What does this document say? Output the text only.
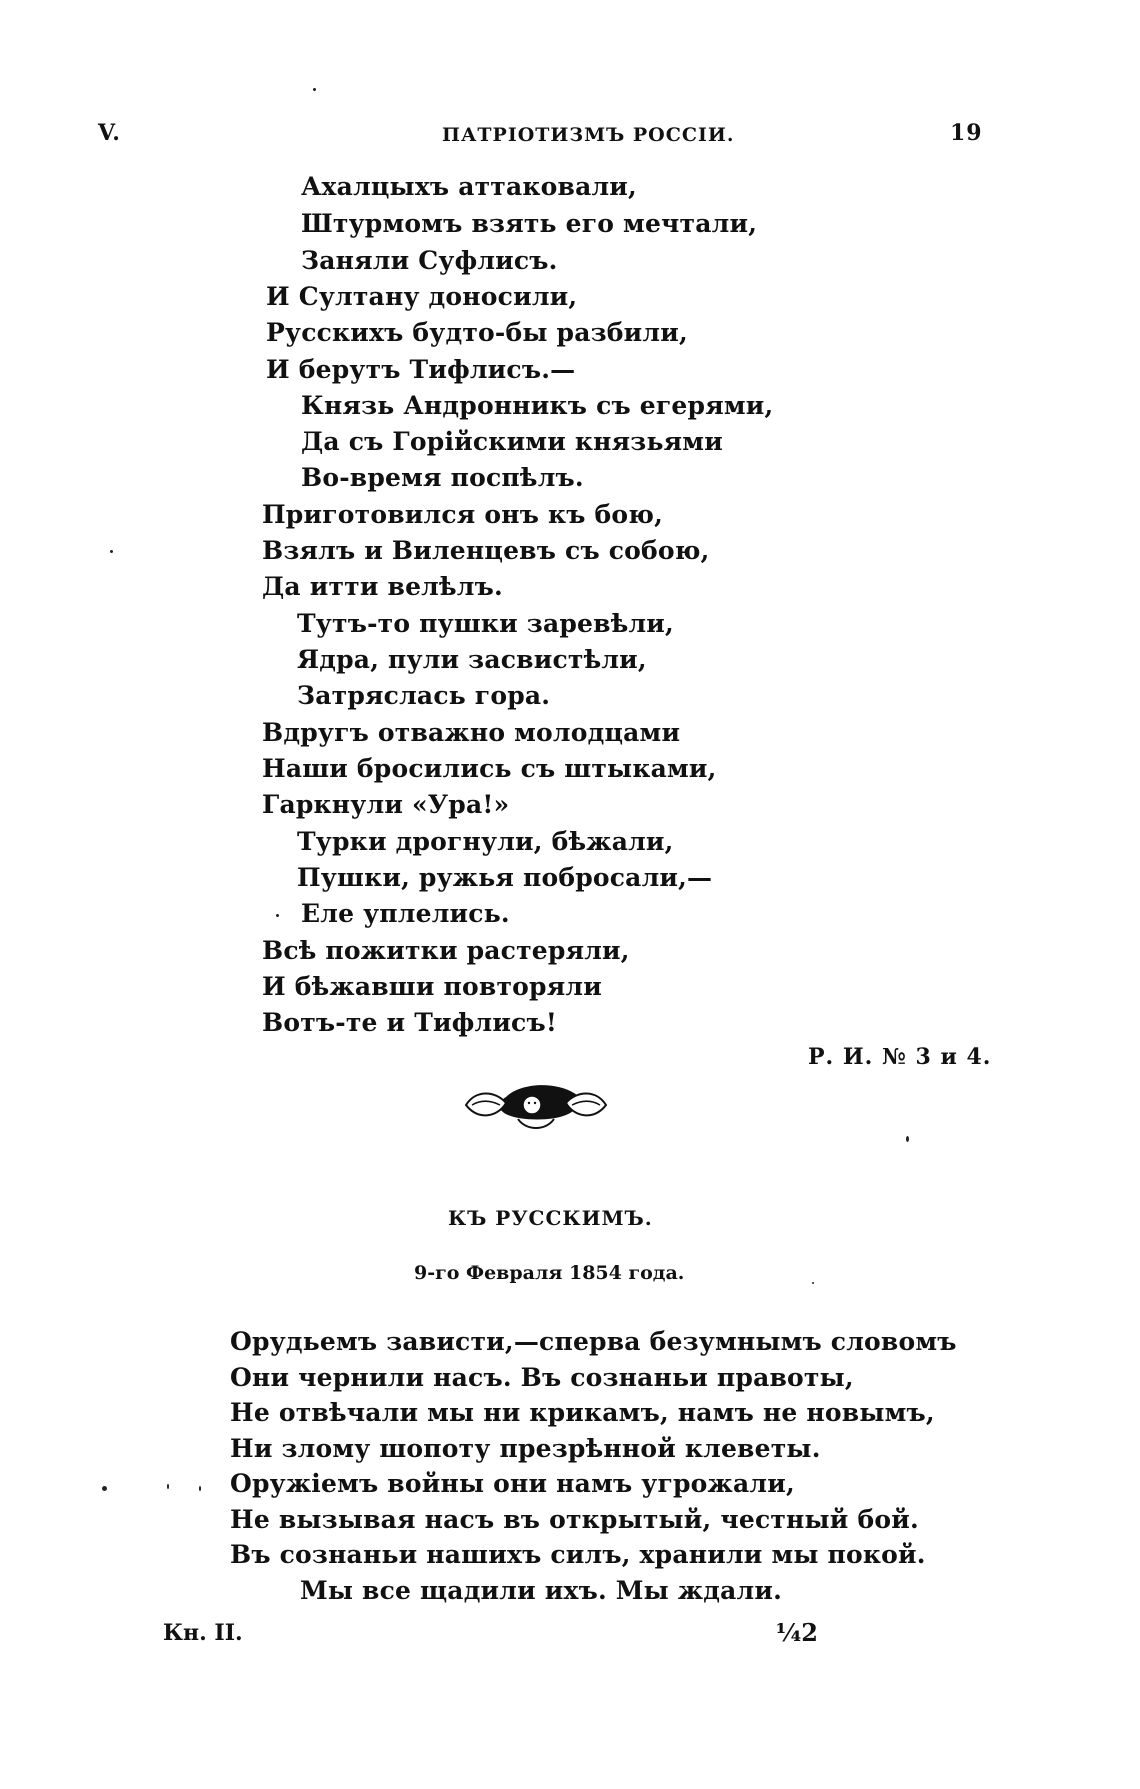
V.	ПАТРІОТИЗМЪ РОССІИ.	19
Ахалцыхъ аттаковали,
Штурмомъ взять его мечтали,
Заняли Суфлисъ.
И Султану доносили,
Русскихъ будто-бы разбили,
И берутъ Тифлисъ.—
Князь Андронникъ съ егерями,
Да съ Горійскими князьями
Во-время поспѣлъ.
Приготовился онъ къ бою,
Взялъ и Виленцевъ съ собою,
Да итти велѣлъ.
Тутъ-то пушки заревѣли,
Ядра, пули засвистѣли,
Затряслась гора.
Вдругъ отважно молодцами
Наши бросились съ штыками,
Гаркнули «Ура!»
Турки дрогнули, бѣжали,
Пушки, ружья побросали,—
Еле уплелись.
Всѣ пожитки растеряли,
И бѣжавши повторяли
Вотъ-те и Тифлисъ!
Р. И. № 3 и 4.
КЪ РУССКИМЪ.
9-го Февраля 1854 года.
Орудьемъ зависти,—сперва безумнымъ словомъ
Они чернили насъ. Въ сознаньи правоты,
Не отвѣчали мы ни крикамъ, намъ не новымъ,
Ни злому шопоту презрѣнной клеветы.
Оружіемъ войны они намъ угрожали,
Не вызывая насъ въ открытый, честный бой.
Въ сознаньи нашихъ силъ, хранили мы покой.
Мы все щадили ихъ. Мы ждали.
Кн. II.	⅟₄2
